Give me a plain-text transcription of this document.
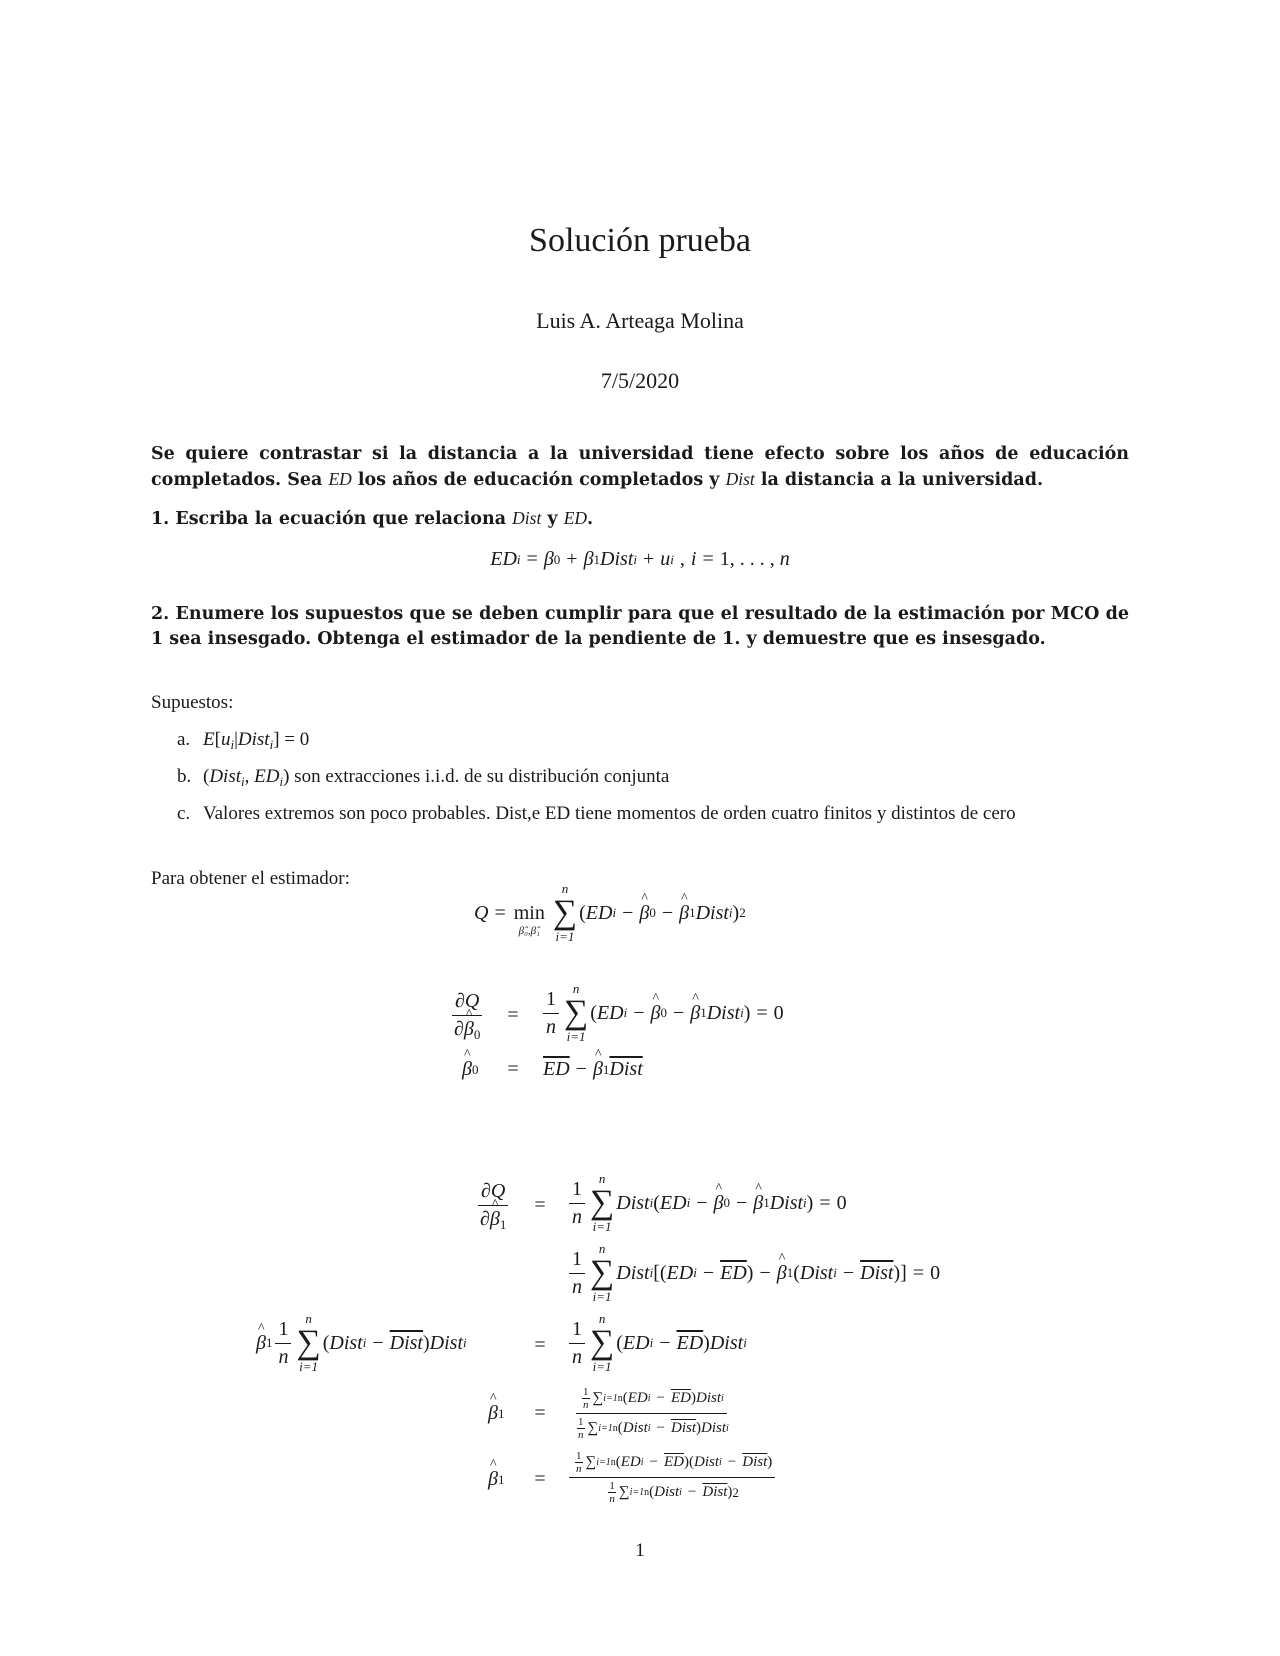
Solución prueba
Luis A. Arteaga Molina
7/5/2020
Se quiere contrastar si la distancia a la universidad tiene efecto sobre los años de educación completados. Sea ED los años de educación completados y Dist la distancia a la universidad.
1. Escriba la ecuación que relaciona Dist y ED.
ED i = β 0 + β 1 Dist i + u i , i = 1, . . . , n
2. Enumere los supuestos que se deben cumplir para que el resultado de la estimación por MCO de 1 sea insesgado. Obtenga el estimador de la pendiente de 1. y demuestre que es insesgado.
Supuestos:
a. $E[u_i|Dist_i] = 0$
b. (Dist$_i$, $ED_i$) son extracciones i.i.d. de su distribución conjunta
c. Valores extremos son poco probables. Dist,e ED tiene momentos de orden cuatro finitos y distintos de cero
Para obtener el estimador:
Q = min
β̂₀,β̂₁
n
∑
i=1
( ED i − ^ β 0 − ^ β 1 Dist i ) 2
$\frac{\partial Q}{\partial\^{} \beta_0}$	=	$\frac{1}{n}$ n
∑
i=1
( ED i − ^ β 0 − ^ β 1 Dist i ) = 0
^ β 0	=	$\overline{ED}$ − ^ β 1 Dist
$\frac{\partial Q}{\partial\^{} \beta_1}$	=	$\frac{1}{n}$ n
∑
i=1
Dist i ( ED i − ^ β 0 − ^ β 1 Dist i ) = 0
$\frac{1}{n}$ n
∑
i=1
Dist i [( ED $i - \overline{ED}$ ) − ^ β 1 ( Dist i − Dist )] = 0
^ β $1 \frac{1}{n}$ n
∑
i=1
( Dist i − Dist ) Dist i	=	$\frac{1}{n}$ n
∑
i=1
( ED $i - \overline{ED}$ ) Dist i
^ β 1	=	$\frac{\frac{1}{n} \sum i=1 n ( ED i - \overline{ED} ) Dist i}{\frac{1}{n} \sum i=1 n ( Dist i - Dist ) Dist i}$
^ β 1	=	$\frac{\frac{1}{n} \sum i=1 n ( ED i - \overline{ED} )( Dist i - Dist )}{\frac{1}{n} \sum i=1 n ( Dist i - Dist ) 2}$
1
